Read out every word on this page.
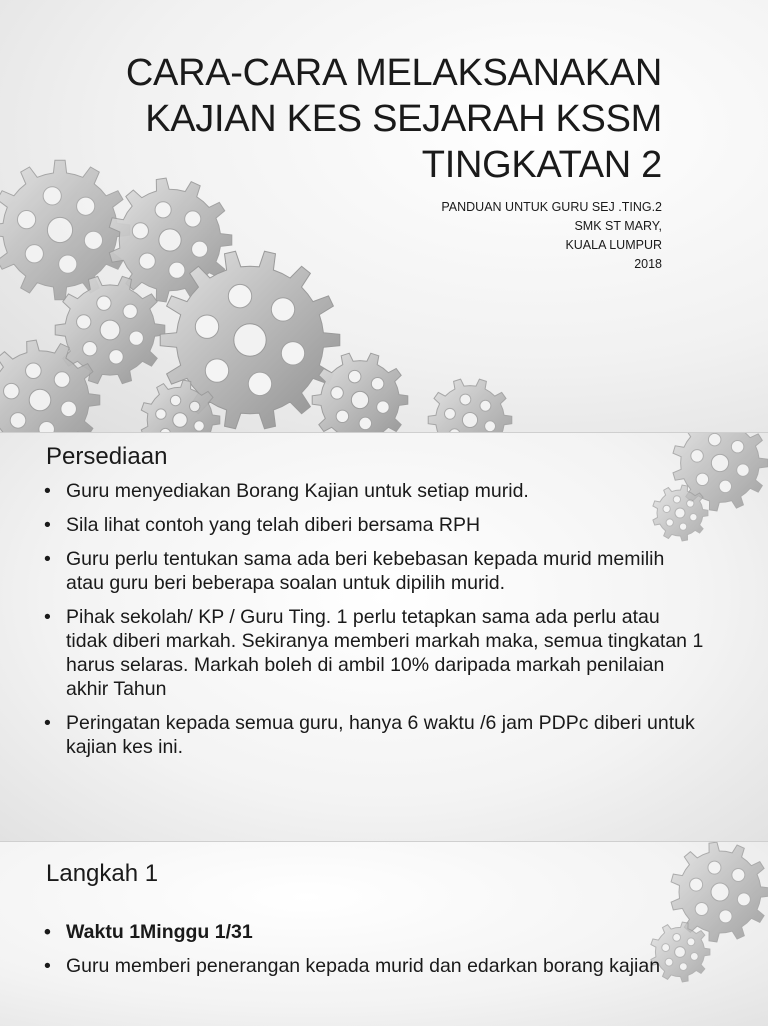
CARA-CARA MELAKSANAKAN
KAJIAN KES SEJARAH KSSM
TINGKATAN 2
PANDUAN UNTUK GURU SEJ .TING.2
SMK ST MARY,
KUALA LUMPUR
2018
Persediaan
• Guru menyediakan Borang Kajian untuk setiap murid.
• Sila lihat contoh yang telah diberi bersama RPH
• Guru perlu tentukan sama ada beri kebebasan kepada murid memilih atau guru beri beberapa soalan untuk dipilih murid.
• Pihak sekolah/ KP / Guru Ting. 1 perlu tetapkan sama ada perlu atau tidak diberi markah. Sekiranya memberi markah maka, semua tingkatan 1 harus selaras. Markah boleh di ambil 10% daripada markah penilaian akhir Tahun
• Peringatan kepada semua guru, hanya 6 waktu /6 jam PDPc diberi untuk kajian kes ini.
Langkah 1
• Waktu 1Minggu 1/31
• Guru memberi penerangan kepada murid dan edarkan borang kajian
